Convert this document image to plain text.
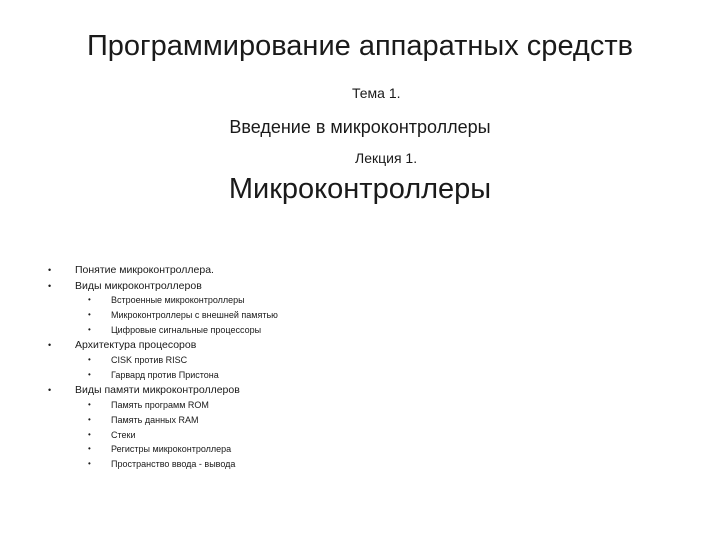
Программирование аппаратных средств
Тема 1.
Введение в микроконтроллеры
Лекция 1.
Микроконтроллеры
• Понятие микроконтроллера.
• Виды микроконтроллеров
• Встроенные микроконтроллеры
• Микроконтроллеры с внешней памятью
• Цифровые сигнальные процессоры
• Архитектура процесоров
• CISK против RISC
• Гарвард против Пристона
• Виды памяти микроконтроллеров
• Память программ ROM
• Память данных RAM
• Стеки
• Регистры микроконтроллера
• Пространство ввода - вывода
